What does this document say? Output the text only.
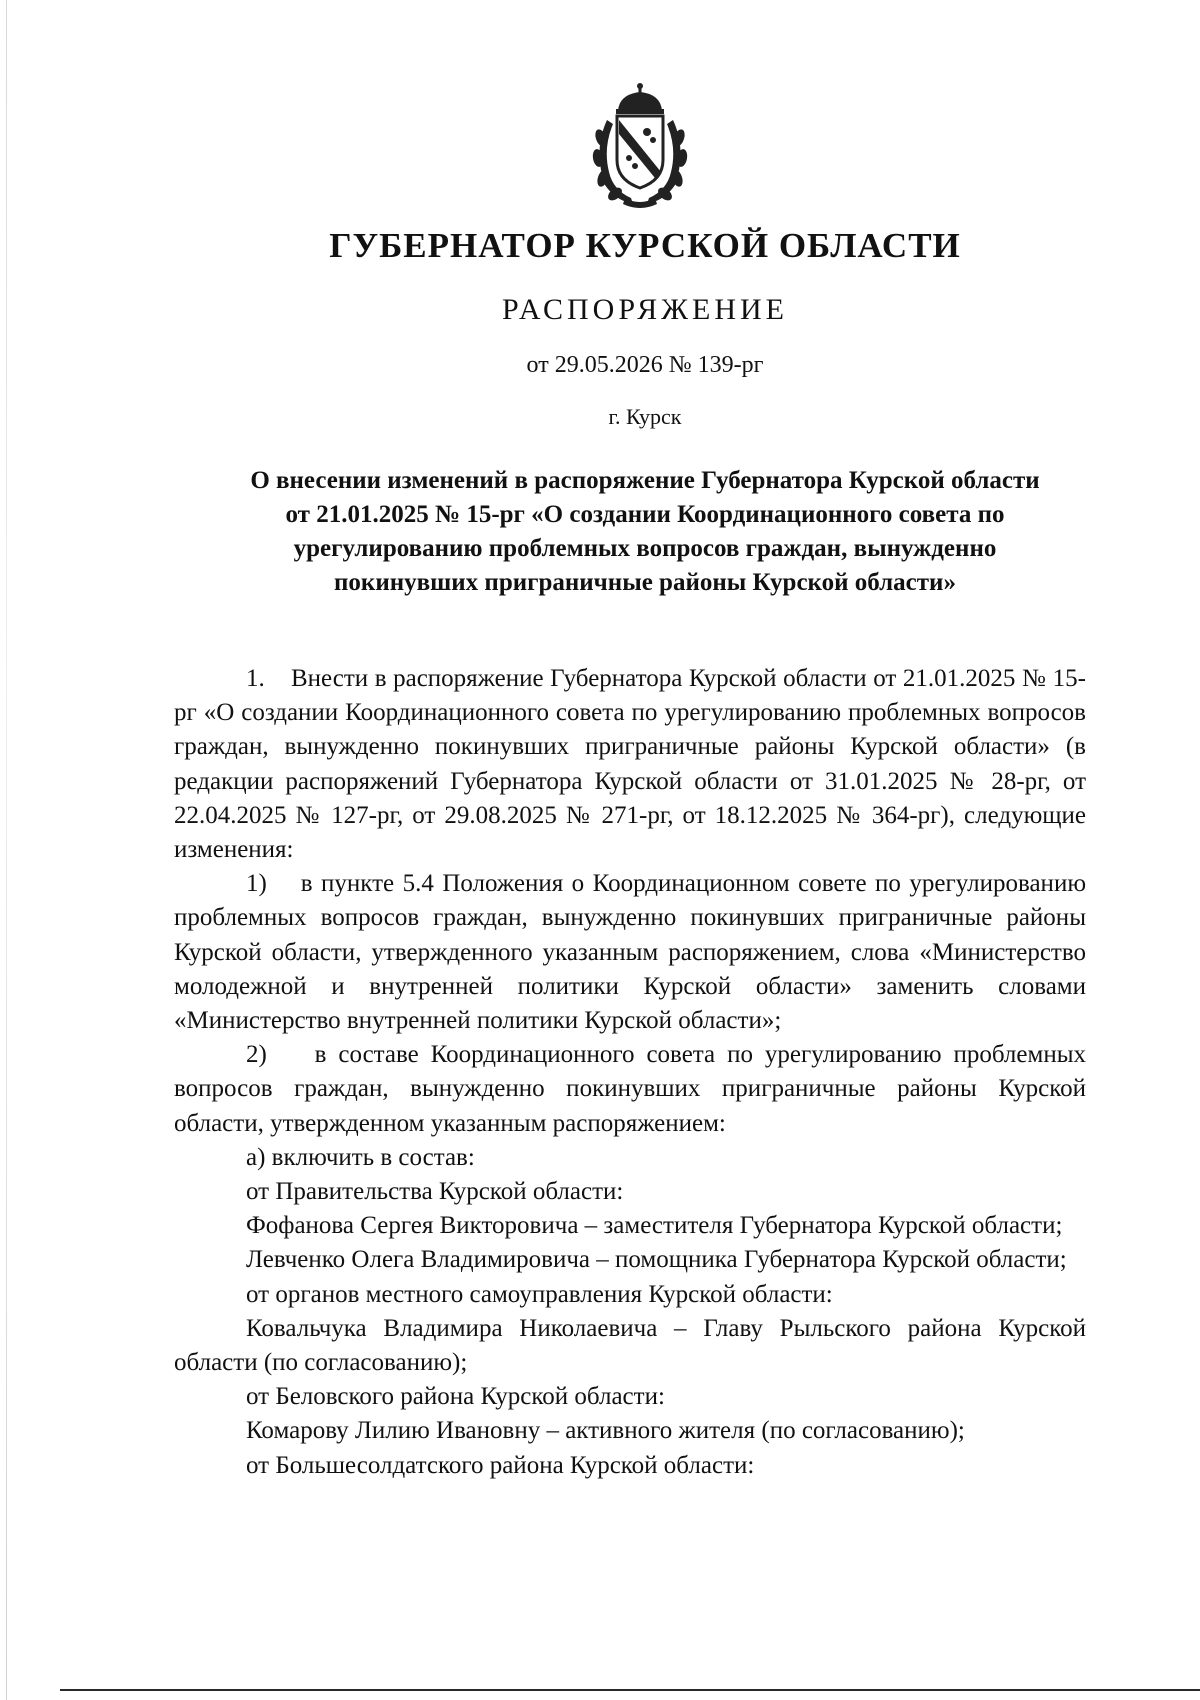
ГУБЕРНАТОР КУРСКОЙ ОБЛАСТИ
РАСПОРЯЖЕНИЕ
от 29.05.2026 № 139-рг
г. Курск
О внесении изменений в распоряжение Губернатора Курской области
от 21.01.2025 № 15-рг «О создании Координационного совета по
урегулированию проблемных вопросов граждан, вынужденно
покинувших приграничные районы Курской области»

1.    Внести в распоряжение Губернатора Курской области от 21.01.2025 № 15-рг «О создании Координационного совета по урегулированию проблемных вопросов граждан, вынужденно покинувших приграничные районы Курской области» (в редакции распоряжений Губернатора Курской области от 31.01.2025 № 28-рг, от 22.04.2025 № 127-рг, от 29.08.2025 № 271-рг, от 18.12.2025 № 364-рг), следующие изменения:

1)    в пункте 5.4 Положения о Координационном совете по урегулированию проблемных вопросов граждан, вынужденно покинувших приграничные районы Курской области, утвержденного указанным распоряжением, слова «Министерство молодежной и внутренней политики Курской области» заменить словами «Министерство внутренней политики Курской области»;

2)    в составе Координационного совета по урегулированию проблемных вопросов граждан, вынужденно покинувших приграничные районы Курской области, утвержденном указанным распоряжением:

а) включить в состав:

от Правительства Курской области:

Фофанова Сергея Викторовича – заместителя Губернатора Курской области;

Левченко Олега Владимировича – помощника Губернатора Курской области;

от органов местного самоуправления Курской области:

Ковальчука Владимира Николаевича – Главу Рыльского района Курской области (по согласованию);

от Беловского района Курской области:

Комарову Лилию Ивановну – активного жителя (по согласованию);

от Большесолдатского района Курской области:
